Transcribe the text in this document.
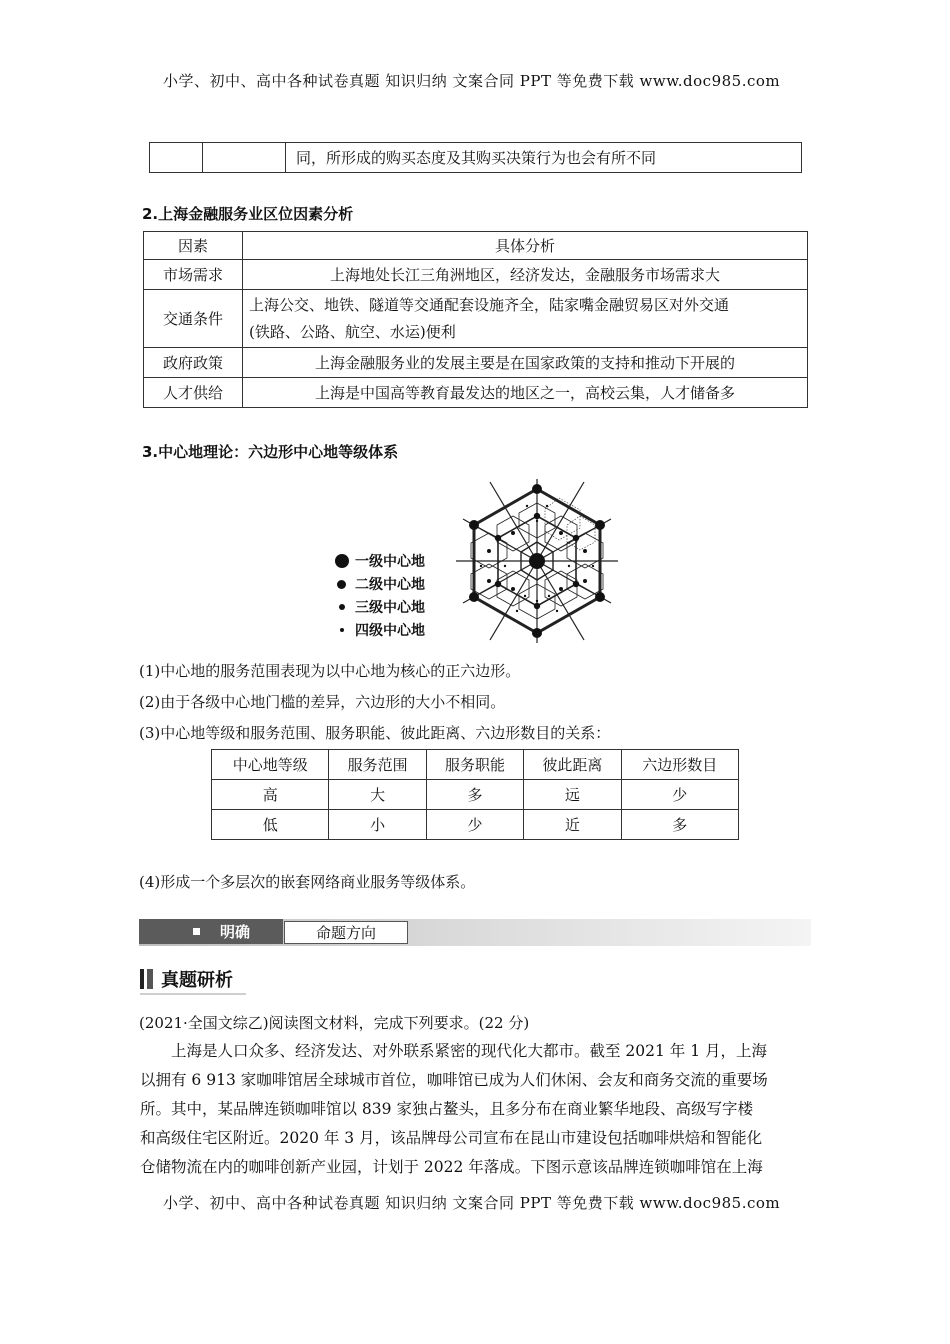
小学、初中、高中各种试卷真题 知识归纳 文案合同 PPT 等免费下载 www.doc985.com
		同，所形成的购买态度及其购买决策行为也会有所不同
2.上海金融服务业区位因素分析
因素	具体分析
市场需求	上海地处长江三角洲地区，经济发达，金融服务市场需求大
交通条件	上海公交、地铁、隧道等交通配套设施齐全，陆家嘴金融贸易区对外交通
(铁路、公路、航空、水运)便利

政府政策	上海金融服务业的发展主要是在国家政策的支持和推动下开展的
人才供给	上海是中国高等教育最发达的地区之一，高校云集，人才储备多
3.中心地理论：六边形中心地等级体系
一级中心地
二级中心地
三级中心地
四级中心地
(1)中心地的服务范围表现为以中心地为核心的正六边形。
(2)由于各级中心地门槛的差异，六边形的大小不相同。
(3)中心地等级和服务范围、服务职能、彼此距离、六边形数目的关系：
中心地等级	服务范围	服务职能	彼此距离	六边形数目
高	大	多	远	少
低	小	少	近	多
(4)形成一个多层次的嵌套网络商业服务等级体系。
明确	命题方向
真题研析
(2021·全国文综乙)阅读图文材料，完成下列要求。(22 分)
上海是人口众多、经济发达、对外联系紧密的现代化大都市。截至 2021 年 1 月，上海
以拥有 6 913 家咖啡馆居全球城市首位，咖啡馆已成为人们休闲、会友和商务交流的重要场
所。其中，某品牌连锁咖啡馆以 839 家独占鳌头，且多分布在商业繁华地段、高级写字楼
和高级住宅区附近。2020 年 3 月，该品牌母公司宣布在昆山市建设包括咖啡烘焙和智能化
仓储物流在内的咖啡创新产业园，计划于 2022 年落成。下图示意该品牌连锁咖啡馆在上海
小学、初中、高中各种试卷真题 知识归纳 文案合同 PPT 等免费下载 www.doc985.com
